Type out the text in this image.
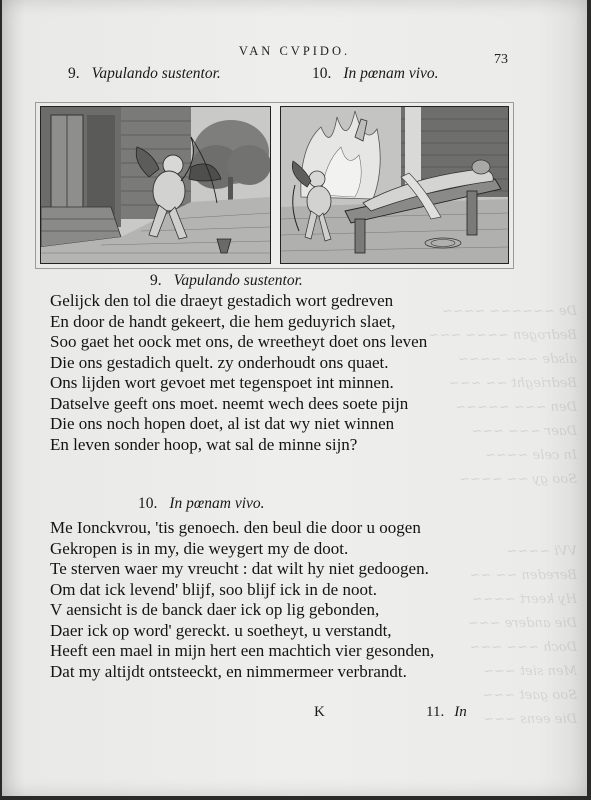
De ~~~~~~ ~~~~
Bedrogen ~~~~ ~~~
alsde ~~~ ~~~~
Bedrieght ~~ ~~~
Den ~~~ ~~~~~
Daer ~~~ ~~~
In cele ~~~~
Soo gy ~~ ~~~~

VVi ~~~~
Bereden ~~ ~~
Hy keert ~~~~
Die andere ~~~
Doch ~~~ ~~~
Men siet ~~~
Soo gaet ~~~
Die eens ~~~
VAN CVPIDO.
73
9. Vapulando sustentor.	10. In pœnam vivo.
9. Vapulando sustentor.
Gelijck den tol die draeyt gestadich wort gedreven
En door de handt gekeert, die hem geduyrich slaet,
Soo gaet het oock met ons, de wreetheyt doet ons leven
Die ons gestadich quelt. zy onderhoudt ons quaet.
Ons lijden wort gevoet met tegenspoet int minnen.
Datselve geeft ons moet. neemt wech dees soete pijn
Die ons noch hopen doet, al ist dat wy niet winnen
En leven sonder hoop, wat sal de minne sijn?
10. In pœnam vivo.
Me Ionckvrou, 'tis genoech. den beul die door u oogen
Gekropen is in my, die weygert my de doot.
Te sterven waer my vreucht : dat wilt hy niet gedoogen.
Om dat ick levend' blijf, soo blijf ick in de noot.
V aensicht is de banck daer ick op lig gebonden,
Daer ick op word' gereckt. u soetheyt, u verstandt,
Heeft een mael in mijn hert een machtich vier gesonden,
Dat my altijdt ontsteeckt, en nimmermeer verbrandt.
K	11. In
